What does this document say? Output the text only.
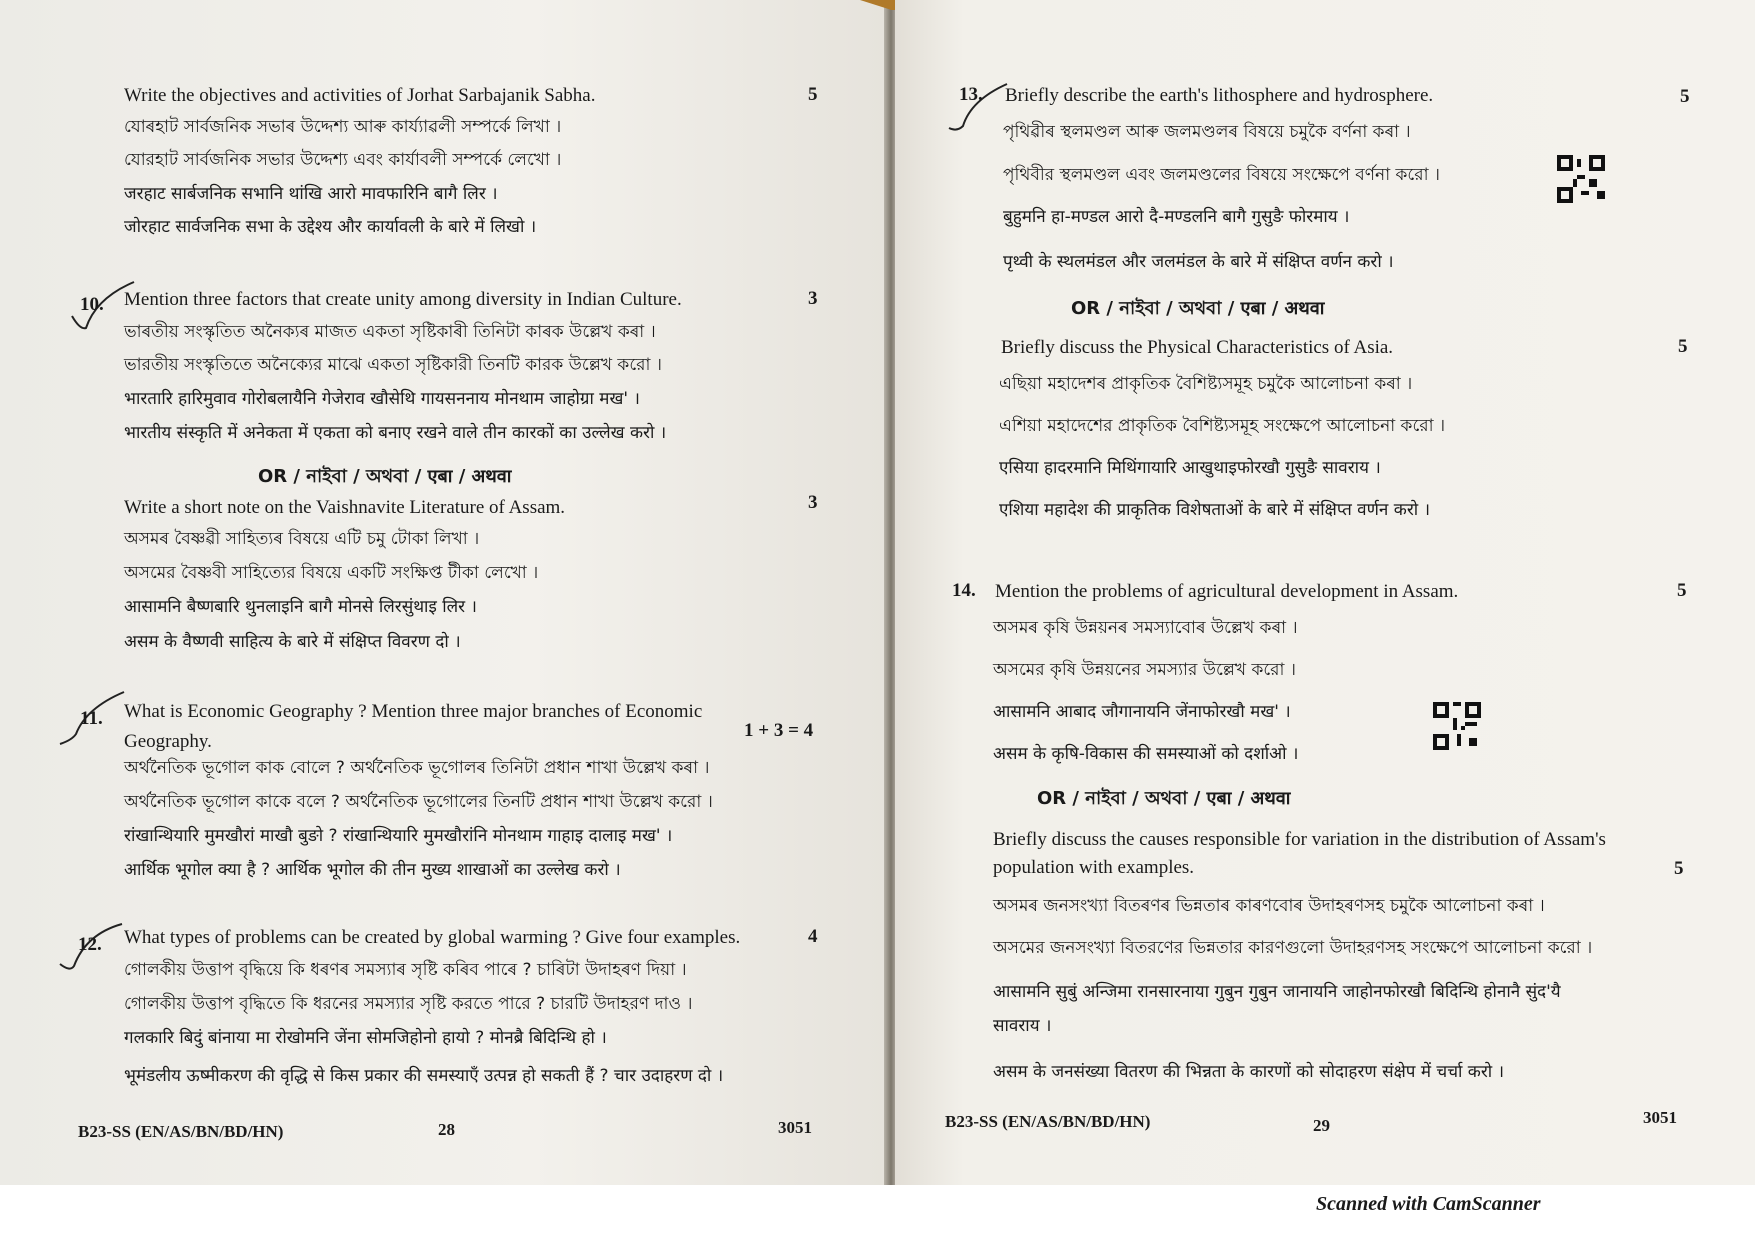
Write the objectives and activities of Jorhat Sarbajanik Sabha.	5
যোৰহাট সাৰ্বজনিক সভাৰ উদ্দেশ্য আৰু কাৰ্য্যাৱলী সম্পৰ্কে লিখা ।
যোরহাট সার্বজনিক সভার উদ্দেশ্য এবং কার্যাবলী সম্পর্কে লেখো ।
जरहाट सार्बजनिक सभानि थांखि आरो मावफारिनि बागै लिर ।
जोरहाट सार्वजनिक सभा के उद्देश्य और कार्यावली के बारे में लिखो ।
10. Mention three factors that create unity among diversity in Indian Culture.	3
ভাৰতীয় সংস্কৃতিত অনৈক্যৰ মাজত একতা সৃষ্টিকাৰী তিনিটা কাৰক উল্লেখ কৰা ।
ভারতীয় সংস্কৃতিতে অনৈক্যের মাঝে একতা সৃষ্টিকারী তিনটি কারক উল্লেখ করো ।
भारतारि हारिमुवाव गोरोबलायैनि गेजेराव खौसेथि गायसननाय मोनथाम जाहोग्रा मख' ।
भारतीय संस्कृति में अनेकता में एकता को बनाए रखने वाले तीन कारकों का उल्लेख करो ।
OR / নাইবা / অথবা / एबा / अथवा
Write a short note on the Vaishnavite Literature of Assam.	3
অসমৰ বৈষ্ণৱী সাহিত্যৰ বিষয়ে এটি চমু টোকা লিখা ।
অসমের বৈষ্ণবী সাহিত্যের বিষয়ে একটি সংক্ষিপ্ত টীকা লেখো ।
आसामनि बैष्णबारि थुनलाइनि बागै मोनसे लिरसुंथाइ लिर ।
असम के वैष्णवी साहित्य के बारे में संक्षिप्त विवरण दो ।
11. What is Economic Geography ? Mention three major branches of Economic
Geography.
1 + 3 = 4
অৰ্থনৈতিক ভূগোল কাক বোলে ? অৰ্থনৈতিক ভূগোলৰ তিনিটা প্ৰধান শাখা উল্লেখ কৰা ।
অর্থনৈতিক ভূগোল কাকে বলে ? অর্থনৈতিক ভূগোলের তিনটি প্রধান শাখা উল্লেখ করো ।
रांखान्थियारि मुमखौरां माखौ बुङो ? रांखान्थियारि मुमखौरांनि मोनथाम गाहाइ दालाइ मख' ।
आर्थिक भूगोल क्या है ? आर्थिक भूगोल की तीन मुख्य शाखाओं का उल्लेख करो ।
12. What types of problems can be created by global warming ? Give four examples.	4
গোলকীয় উত্তাপ বৃদ্ধিয়ে কি ধৰণৰ সমস্যাৰ সৃষ্টি কৰিব পাৰে ? চাৰিটা উদাহৰণ দিয়া ।
গোলকীয় উত্তাপ বৃদ্ধিতে কি ধরনের সমস্যার সৃষ্টি করতে পারে ? চারটি উদাহরণ দাও ।
गलकारि बिदुं बांनाया मा रोखोमनि जेंना सोमजिहोनो हायो ? मोनब्रै बिदिन्थि हो ।
भूमंडलीय ऊष्मीकरण की वृद्धि से किस प्रकार की समस्याएँ उत्पन्न हो सकती हैं ? चार उदाहरण दो ।
B23-SS (EN/AS/BN/BD/HN)	28	3051
13. Briefly describe the earth's lithosphere and hydrosphere.	5
পৃথিৱীৰ স্থলমণ্ডল আৰু জলমণ্ডলৰ বিষয়ে চমুকৈ বৰ্ণনা কৰা ।
পৃথিবীর স্থলমণ্ডল এবং জলমণ্ডলের বিষয়ে সংক্ষেপে বর্ণনা করো ।
बुहुमनि हा-मण्डल आरो दै-मण्डलनि बागै गुसुङै फोरमाय ।
पृथ्वी के स्थलमंडल और जलमंडल के बारे में संक्षिप्त वर्णन करो ।
OR / নাইবা / অথবা / एबा / अथवा
Briefly discuss the Physical Characteristics of Asia.	5
এছিয়া মহাদেশৰ প্ৰাকৃতিক বৈশিষ্ট্যসমূহ চমুকৈ আলোচনা কৰা ।
এশিয়া মহাদেশের প্রাকৃতিক বৈশিষ্ট্যসমূহ সংক্ষেপে আলোচনা করো ।
एसिया हादरमानि मिथिंगायारि आखुथाइफोरखौ गुसुङै सावराय ।
एशिया महादेश की प्राकृतिक विशेषताओं के बारे में संक्षिप्त वर्णन करो ।
14. Mention the problems of agricultural development in Assam.	5
অসমৰ কৃষি উন্নয়নৰ সমস্যাবোৰ উল্লেখ কৰা ।
অসমের কৃষি উন্নয়নের সমস্যার উল্লেখ করো ।
आसामनि आबाद जौगानायनि जेंनाफोरखौ मख' ।
असम के कृषि-विकास की समस्याओं को दर्शाओ ।
OR / নাইবা / অথবা / एबा / अथवा
Briefly discuss the causes responsible for variation in the distribution of Assam's
population with examples.	5
অসমৰ জনসংখ্যা বিতৰণৰ ভিন্নতাৰ কাৰণবোৰ উদাহৰণসহ চমুকৈ আলোচনা কৰা ।
অসমের জনসংখ্যা বিতরণের ভিন্নতার কারণগুলো উদাহরণসহ সংক্ষেপে আলোচনা করো ।
आसामनि सुबुं अन्जिमा रानसारनाया गुबुन गुबुन जानायनि जाहोनफोरखौ बिदिन्थि होनानै सुंद'यै
सावराय ।
असम के जनसंख्या वितरण की भिन्नता के कारणों को सोदाहरण संक्षेप में चर्चा करो ।
B23-SS (EN/AS/BN/BD/HN)	29	3051
Scanned with CamScanner
